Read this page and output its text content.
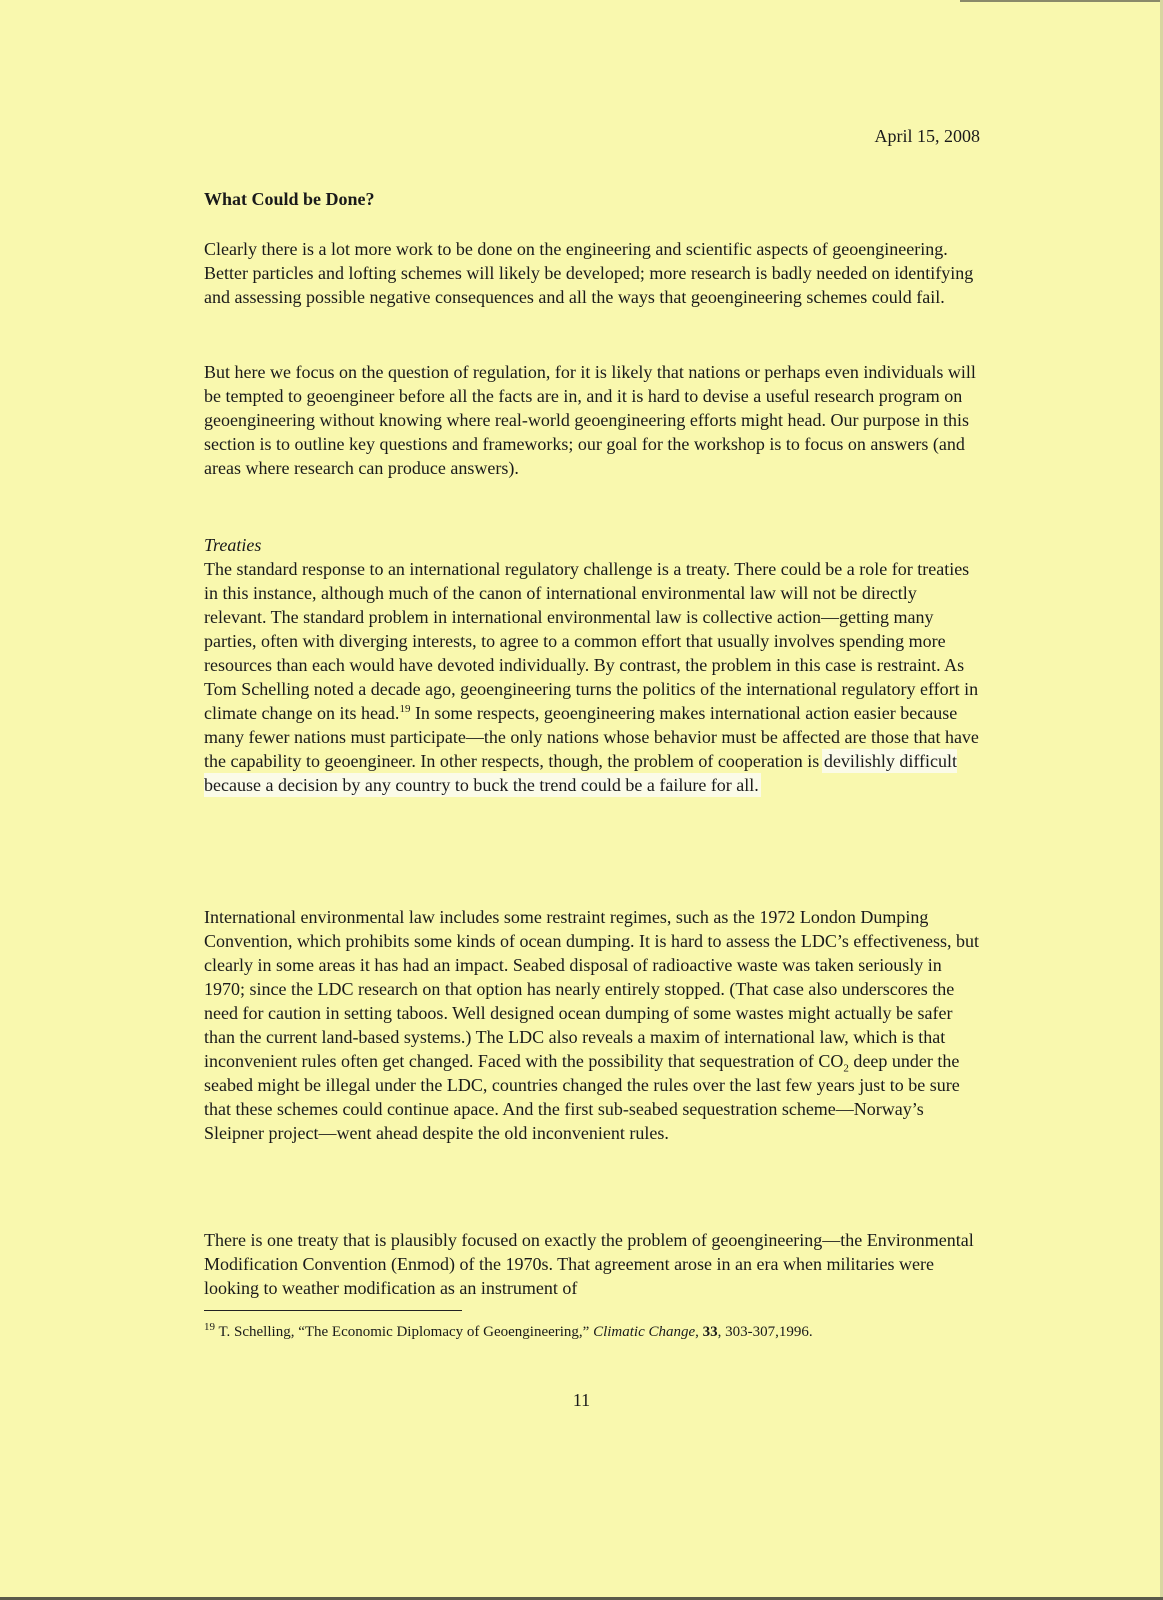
April 15, 2008

What Could be Done?

Clearly there is a lot more work to be done on the engineering and scientific aspects of geoengineering. Better particles and lofting schemes will likely be developed; more research is badly needed on identifying and assessing possible negative consequences and all the ways that geoengineering schemes could fail.

But here we focus on the question of regulation, for it is likely that nations or perhaps even individuals will be tempted to geoengineer before all the facts are in, and it is hard to devise a useful research program on geoengineering without knowing where real-world geoengineering efforts might head. Our purpose in this section is to outline key questions and frameworks; our goal for the workshop is to focus on answers (and areas where research can produce answers).

Treaties

The standard response to an international regulatory challenge is a treaty. There could be a role for treaties in this instance, although much of the canon of international environmental law will not be directly relevant. The standard problem in international environmental law is collective action—getting many parties, often with diverging interests, to agree to a common effort that usually involves spending more resources than each would have devoted individually. By contrast, the problem in this case is restraint. As Tom Schelling noted a decade ago, geoengineering turns the politics of the international regulatory effort in climate change on its head.$^{19}$ In some respects, geoengineering makes international action easier because many fewer nations must participate—the only nations whose behavior must be affected are those that have the capability to geoengineer. In other respects, though, the problem of cooperation is devilishly difficult because a decision by any country to buck the trend could be a failure for all.

International environmental law includes some restraint regimes, such as the 1972 London Dumping Convention, which prohibits some kinds of ocean dumping. It is hard to assess the LDC’s effectiveness, but clearly in some areas it has had an impact. Seabed disposal of radioactive waste was taken seriously in 1970; since the LDC research on that option has nearly entirely stopped. (That case also underscores the need for caution in setting taboos. Well designed ocean dumping of some wastes might actually be safer than the current land-based systems.) The LDC also reveals a maxim of international law, which is that inconvenient rules often get changed. Faced with the possibility that sequestration of $CO_2$ deep under the seabed might be illegal under the LDC, countries changed the rules over the last few years just to be sure that these schemes could continue apace. And the first sub-seabed sequestration scheme—Norway’s Sleipner project—went ahead despite the old inconvenient rules.

There is one treaty that is plausibly focused on exactly the problem of geoengineering—the Environmental Modification Convention (Enmod) of the 1970s. That agreement arose in an era when militaries were looking to weather modification as an instrument of

$^{19}$ T. Schelling, “The Economic Diplomacy of Geoengineering,” Climatic Change, 33, 303-307,1996.

11
